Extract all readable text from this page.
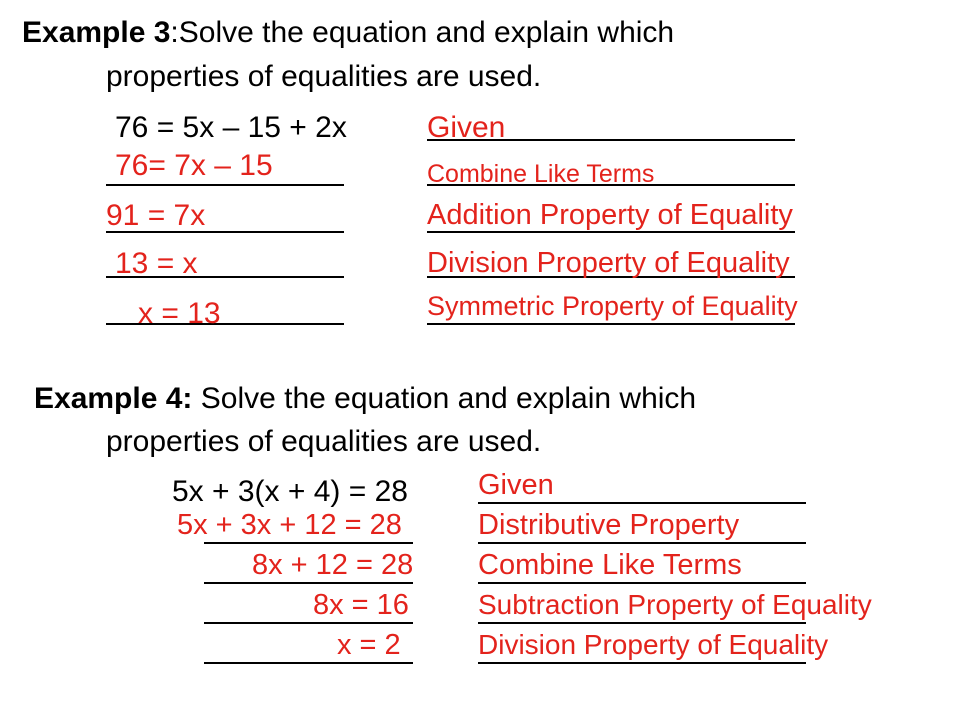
Example 3:Solve the equation and explain which
properties of equalities are used.
76 = 5x – 15 + 2x
76= 7x – 15
91 = 7x
13 = x
x = 13
Given
Combine Like Terms
Addition Property of Equality
Division Property of Equality
Symmetric Property of Equality
Example 4: Solve the equation and explain which
properties of equalities are used.
5x + 3(x + 4) = 28
5x + 3x + 12 = 28
8x + 12 = 28
8x = 16
x = 2
Given
Distributive Property
Combine Like Terms
Subtraction Property of Equality
Division Property of Equality
